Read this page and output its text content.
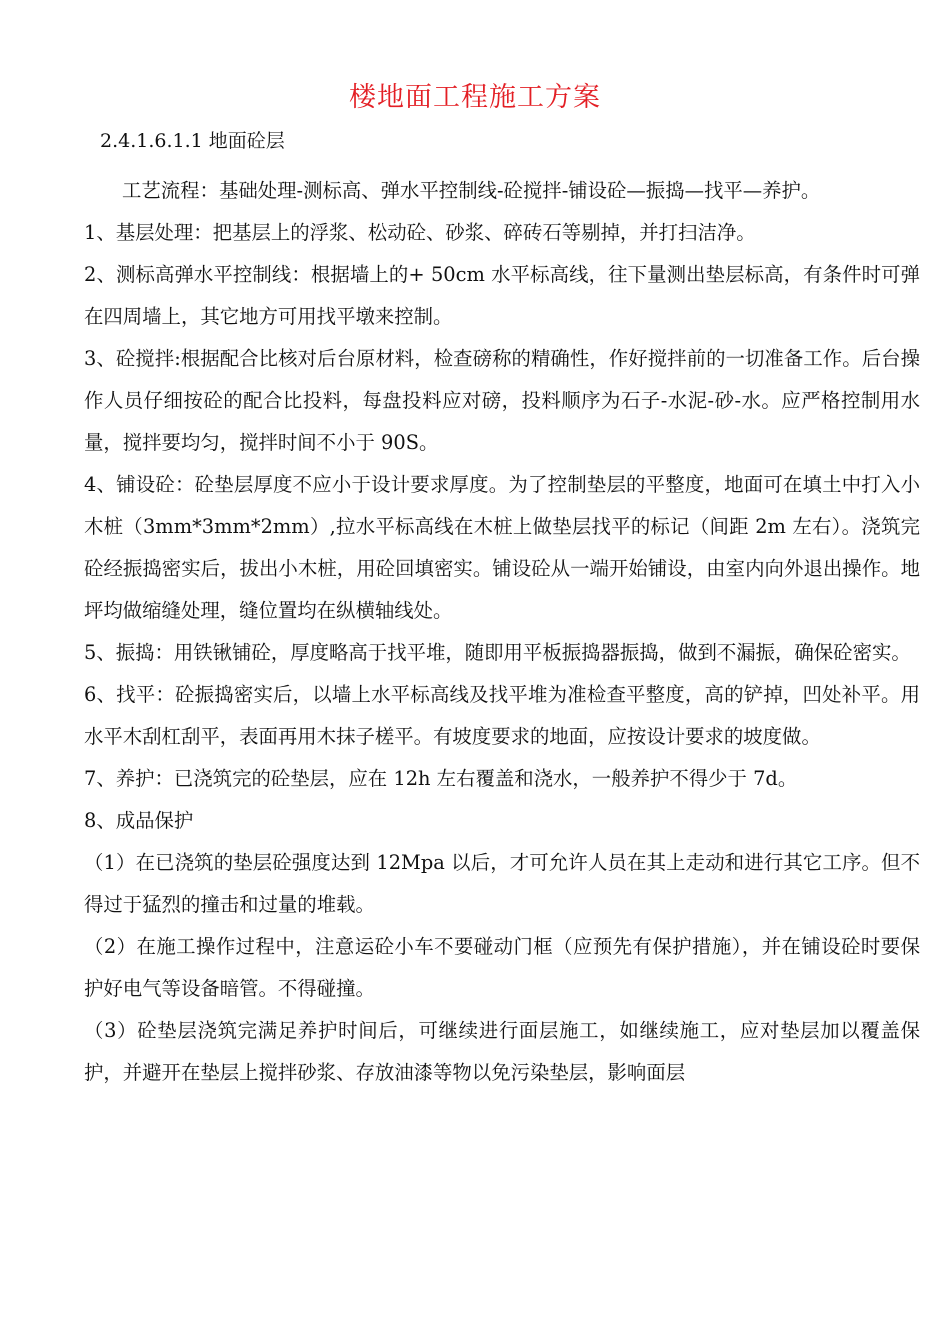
楼地面工程施工方案

2.4.1.6.1.1 地面砼层

工艺流程：基础处理-测标高、弹水平控制线-砼搅拌-铺设砼—振捣—找平—养护。

1、基层处理：把基层上的浮浆、松动砼、砂浆、碎砖石等剔掉，并打扫洁净。

2、测标高弹水平控制线：根据墙上的+ 50cm 水平标高线，往下量测出垫层标高，有条件时可弹在四周墙上，其它地方可用找平墩来控制。

3、砼搅拌:根据配合比核对后台原材料，检查磅称的精确性，作好搅拌前的一切准备工作。后台操作人员仔细按砼的配合比投料，每盘投料应对磅，投料顺序为石子-水泥-砂-水。应严格控制用水量，搅拌要均匀，搅拌时间不小于 90S。

4、铺设砼：砼垫层厚度不应小于设计要求厚度。为了控制垫层的平整度，地面可在填土中打入小木桩（3mm*3mm*2mm）,拉水平标高线在木桩上做垫层找平的标记（间距 2m 左右）。浇筑完砼经振捣密实后，拔出小木桩，用砼回填密实。铺设砼从一端开始铺设，由室内向外退出操作。地坪均做缩缝处理，缝位置均在纵横轴线处。

5、振捣：用铁锹铺砼，厚度略高于找平堆，随即用平板振捣器振捣，做到不漏振，确保砼密实。

6、找平：砼振捣密实后，以墙上水平标高线及找平堆为准检查平整度，高的铲掉，凹处补平。用水平木刮杠刮平，表面再用木抹子槎平。有坡度要求的地面，应按设计要求的坡度做。

7、养护：已浇筑完的砼垫层，应在 12h 左右覆盖和浇水，一般养护不得少于 7d。

8、成品保护

（1）在已浇筑的垫层砼强度达到 12Mpa 以后，才可允许人员在其上走动和进行其它工序。但不得过于猛烈的撞击和过量的堆载。

（2）在施工操作过程中，注意运砼小车不要碰动门框（应预先有保护措施），并在铺设砼时要保护好电气等设备暗管。不得碰撞。

（3）砼垫层浇筑完满足养护时间后，可继续进行面层施工，如继续施工，应对垫层加以覆盖保护，并避开在垫层上搅拌砂浆、存放油漆等物以免污染垫层，影响面层
